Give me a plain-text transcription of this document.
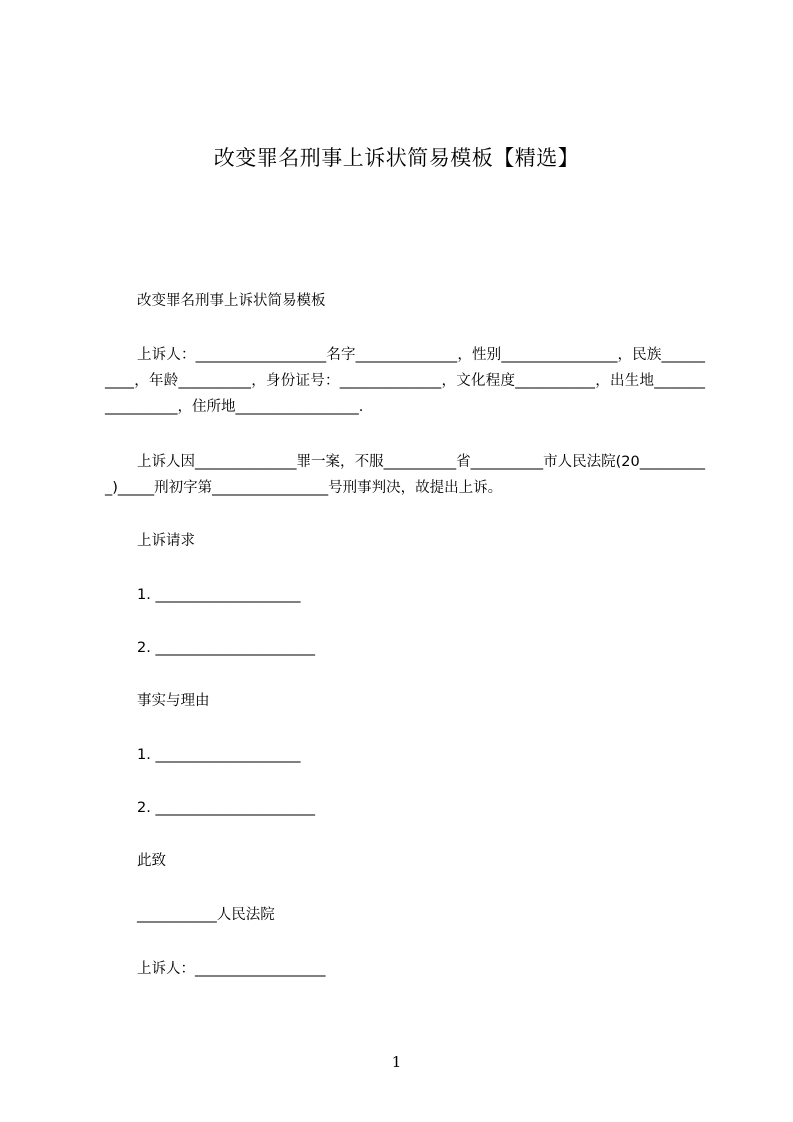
改变罪名刑事上诉状简易模板【精选】
改变罪名刑事上诉状简易模板
上诉人：__________________名字______________，性别________________，民族__________，年龄__________，身份证号：______________，文化程度___________，出生地_________________，住所地_________________.
上诉人因______________罪一案，不服__________省__________市人民法院(20__________)_____刑初字第________________号刑事判决，故提出上诉。
上诉请求
1. ____________________
2. ______________________
事实与理由
1. ____________________
2. ______________________
此致
___________人民法院
上诉人：__________________
1
